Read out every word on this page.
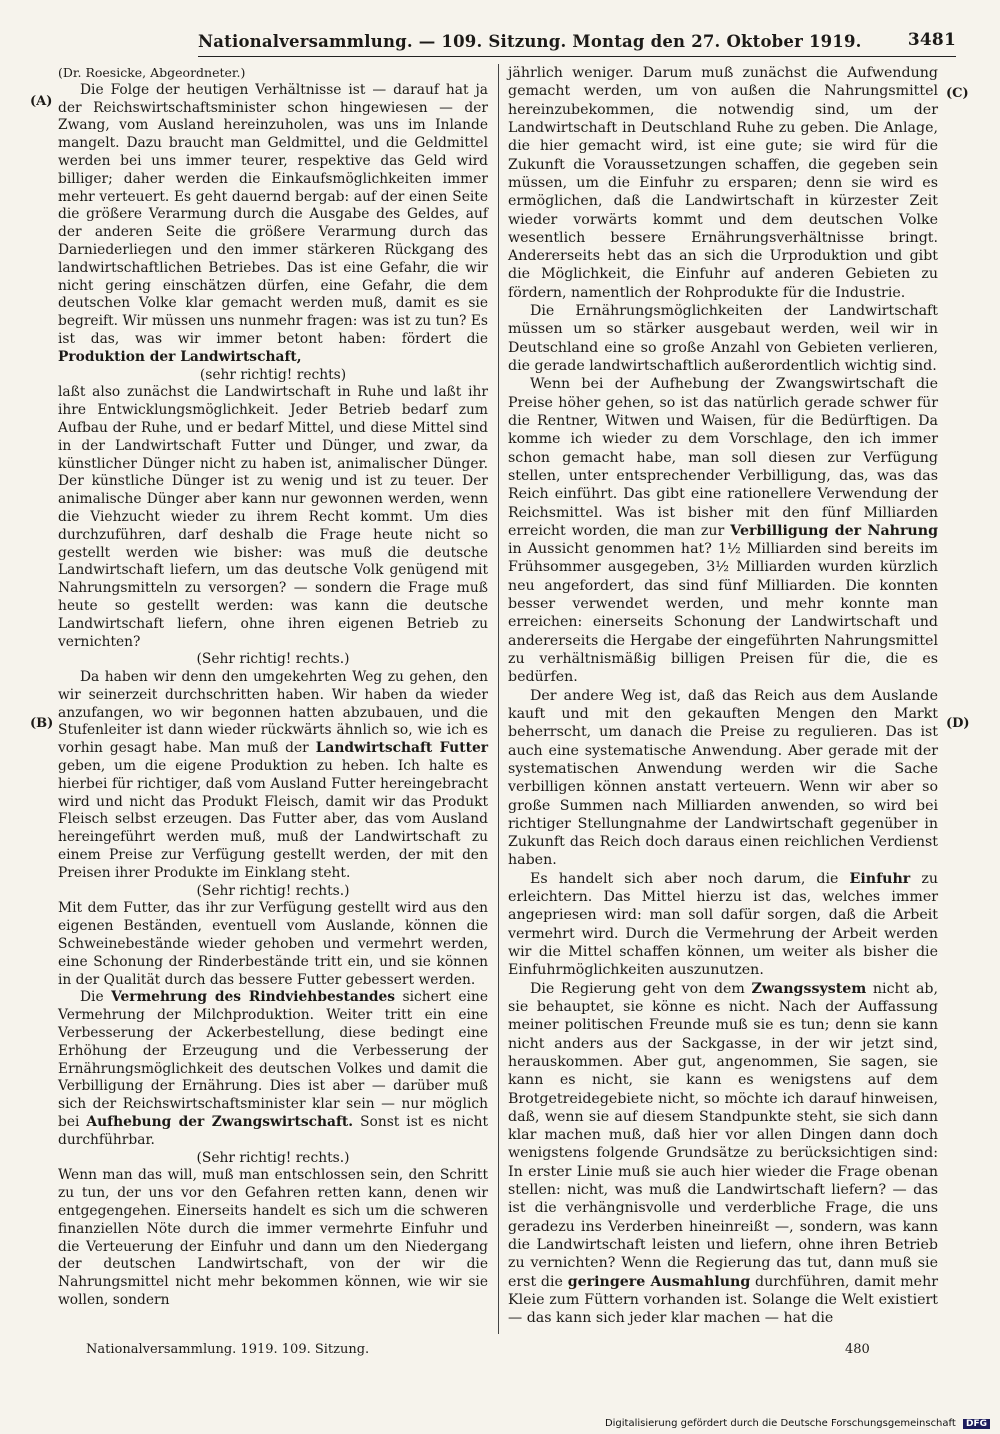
Nationalversammlung. — 109. Sitzung. Montag den 27. Oktober 1919.	3481
(A)
(B)
(C)
(D)

(Dr. Roesicke, Abgeordneter.)

Die Folge der heutigen Verhältnisse ist — darauf hat ja der Reichswirtschaftsminister schon hingewiesen — der Zwang, vom Ausland hereinzuholen, was uns im Inlande mangelt. Dazu braucht man Geldmittel, und die Geldmittel werden bei uns immer teurer, respektive das Geld wird billiger; daher werden die Einkaufsmöglichkeiten immer mehr verteuert. Es geht dauernd bergab: auf der einen Seite die größere Verarmung durch die Ausgabe des Geldes, auf der anderen Seite die größere Verarmung durch das Darniederliegen und den immer stärkeren Rückgang des landwirtschaftlichen Betriebes. Das ist eine Gefahr, die wir nicht gering einschätzen dürfen, eine Gefahr, die dem deutschen Volke klar gemacht werden muß, damit es sie begreift. Wir müssen uns nunmehr fragen: was ist zu tun? Es ist das, was wir immer betont haben: fördert die Produktion der Landwirtschaft,

(sehr richtig! rechts)

laßt also zunächst die Landwirtschaft in Ruhe und laßt ihr ihre Entwicklungsmöglichkeit. Jeder Betrieb bedarf zum Aufbau der Ruhe, und er bedarf Mittel, und diese Mittel sind in der Landwirtschaft Futter und Dünger, und zwar, da künstlicher Dünger nicht zu haben ist, animalischer Dünger. Der künstliche Dünger ist zu wenig und ist zu teuer. Der animalische Dünger aber kann nur gewonnen werden, wenn die Viehzucht wieder zu ihrem Recht kommt. Um dies durchzuführen, darf deshalb die Frage heute nicht so gestellt werden wie bisher: was muß die deutsche Landwirtschaft liefern, um das deutsche Volk genügend mit Nahrungsmitteln zu versorgen? — sondern die Frage muß heute so gestellt werden: was kann die deutsche Landwirtschaft liefern, ohne ihren eigenen Betrieb zu vernichten?

(Sehr richtig! rechts.)

Da haben wir denn den umgekehrten Weg zu gehen, den wir seinerzeit durchschritten haben. Wir haben da wieder anzufangen, wo wir begonnen hatten abzubauen, und die Stufenleiter ist dann wieder rückwärts ähnlich so, wie ich es vorhin gesagt habe. Man muß der Landwirtschaft Futter geben, um die eigene Produktion zu heben. Ich halte es hierbei für richtiger, daß vom Ausland Futter hereingebracht wird und nicht das Produkt Fleisch, damit wir das Produkt Fleisch selbst erzeugen. Das Futter aber, das vom Ausland hereingeführt werden muß, muß der Landwirtschaft zu einem Preise zur Verfügung gestellt werden, der mit den Preisen ihrer Produkte im Einklang steht.

(Sehr richtig! rechts.)

Mit dem Futter, das ihr zur Verfügung gestellt wird aus den eigenen Beständen, eventuell vom Auslande, können die Schweinebestände wieder gehoben und vermehrt werden, eine Schonung der Rinderbestände tritt ein, und sie können in der Qualität durch das bessere Futter gebessert werden.

Die Vermehrung des Rindviehbestandes sichert eine Vermehrung der Milchproduktion. Weiter tritt ein eine Verbesserung der Ackerbestellung, diese bedingt eine Erhöhung der Erzeugung und die Verbesserung der Ernährungsmöglichkeit des deutschen Volkes und damit die Verbilligung der Ernährung. Dies ist aber — darüber muß sich der Reichswirtschaftsminister klar sein — nur möglich bei Aufhebung der Zwangswirtschaft. Sonst ist es nicht durchführbar.

(Sehr richtig! rechts.)

Wenn man das will, muß man entschlossen sein, den Schritt zu tun, der uns vor den Gefahren retten kann, denen wir entgegengehen. Einerseits handelt es sich um die schweren finanziellen Nöte durch die immer vermehrte Einfuhr und die Verteuerung der Einfuhr und dann um den Niedergang der deutschen Landwirtschaft, von der wir die Nahrungsmittel nicht mehr bekommen können, wie wir sie wollen, sondern

jährlich weniger. Darum muß zunächst die Aufwendung gemacht werden, um von außen die Nahrungsmittel hereinzubekommen, die notwendig sind, um der Landwirtschaft in Deutschland Ruhe zu geben. Die Anlage, die hier gemacht wird, ist eine gute; sie wird für die Zukunft die Voraussetzungen schaffen, die gegeben sein müssen, um die Einfuhr zu ersparen; denn sie wird es ermöglichen, daß die Landwirtschaft in kürzester Zeit wieder vorwärts kommt und dem deutschen Volke wesentlich bessere Ernährungsverhältnisse bringt. Andererseits hebt das an sich die Urproduktion und gibt die Möglichkeit, die Einfuhr auf anderen Gebieten zu fördern, namentlich der Rohprodukte für die Industrie.

Die Ernährungsmöglichkeiten der Landwirtschaft müssen um so stärker ausgebaut werden, weil wir in Deutschland eine so große Anzahl von Gebieten verlieren, die gerade landwirtschaftlich außerordentlich wichtig sind.

Wenn bei der Aufhebung der Zwangswirtschaft die Preise höher gehen, so ist das natürlich gerade schwer für die Rentner, Witwen und Waisen, für die Bedürftigen. Da komme ich wieder zu dem Vorschlage, den ich immer schon gemacht habe, man soll diesen zur Verfügung stellen, unter entsprechender Verbilligung, das, was das Reich einführt. Das gibt eine rationellere Verwendung der Reichsmittel. Was ist bisher mit den fünf Milliarden erreicht worden, die man zur Verbilligung der Nahrung in Aussicht genommen hat? 1½ Milliarden sind bereits im Frühsommer ausgegeben, 3½ Milliarden wurden kürzlich neu angefordert, das sind fünf Milliarden. Die konnten besser verwendet werden, und mehr konnte man erreichen: einerseits Schonung der Landwirtschaft und andererseits die Hergabe der eingeführten Nahrungsmittel zu verhältnismäßig billigen Preisen für die, die es bedürfen.

Der andere Weg ist, daß das Reich aus dem Auslande kauft und mit den gekauften Mengen den Markt beherrscht, um danach die Preise zu regulieren. Das ist auch eine systematische Anwendung. Aber gerade mit der systematischen Anwendung werden wir die Sache verbilligen können anstatt verteuern. Wenn wir aber so große Summen nach Milliarden anwenden, so wird bei richtiger Stellungnahme der Landwirtschaft gegenüber in Zukunft das Reich doch daraus einen reichlichen Verdienst haben.

Es handelt sich aber noch darum, die Einfuhr zu erleichtern. Das Mittel hierzu ist das, welches immer angepriesen wird: man soll dafür sorgen, daß die Arbeit vermehrt wird. Durch die Vermehrung der Arbeit werden wir die Mittel schaffen können, um weiter als bisher die Einfuhrmöglichkeiten auszunutzen.

Die Regierung geht von dem Zwangssystem nicht ab, sie behauptet, sie könne es nicht. Nach der Auffassung meiner politischen Freunde muß sie es tun; denn sie kann nicht anders aus der Sackgasse, in der wir jetzt sind, herauskommen. Aber gut, angenommen, Sie sagen, sie kann es nicht, sie kann es wenigstens auf dem Brotgetreidegebiete nicht, so möchte ich darauf hinweisen, daß, wenn sie auf diesem Standpunkte steht, sie sich dann klar machen muß, daß hier vor allen Dingen dann doch wenigstens folgende Grundsätze zu berücksichtigen sind: In erster Linie muß sie auch hier wieder die Frage obenan stellen: nicht, was muß die Landwirtschaft liefern? — das ist die verhängnisvolle und verderbliche Frage, die uns geradezu ins Verderben hineinreißt —, sondern, was kann die Landwirtschaft leisten und liefern, ohne ihren Betrieb zu vernichten? Wenn die Regierung das tut, dann muß sie erst die geringere Ausmahlung durchführen, damit mehr Kleie zum Füttern vorhanden ist. Solange die Welt existiert — das kann sich jeder klar machen — hat die

Nationalversammlung. 1919. 109. Sitzung.	480
Digitalisierung gefördert durch die Deutsche Forschungsgemeinschaft DFG
